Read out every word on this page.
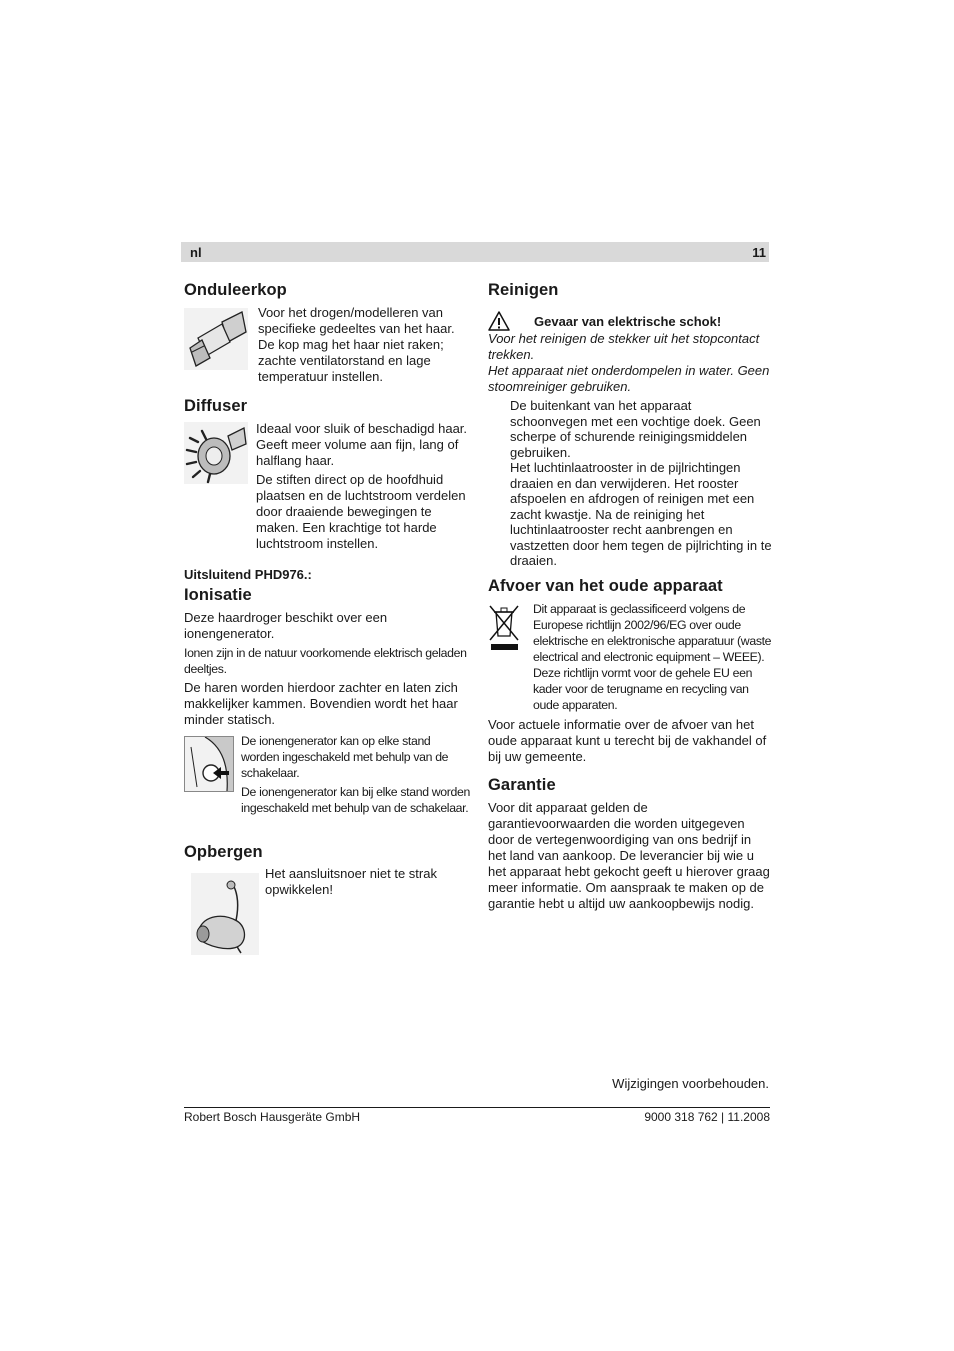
nl	11
Onduleerkop
Voor het drogen/modelleren van specifieke gedeeltes van het haar. De kop mag het haar niet raken; zachte ventilatorstand en lage temperatuur instellen.
Diffuser

Ideaal voor sluik of beschadigd haar. Geeft meer volume aan fijn, lang of halflang haar.

De stiften direct op de hoofdhuid plaatsen en de luchtstroom verdelen door draaiende bewegingen te maken. Een krachtige tot harde luchtstroom instellen.

Uitsluitend PHD976.:
Ionisatie

Deze haardroger beschikt over een ionengenerator.

Ionen zijn in de natuur voorkomende elektrisch geladen deeltjes.

De haren worden hierdoor zachter en laten zich makkelijker kammen. Bovendien wordt het haar minder statisch.

De ionengenerator kan op elke stand worden ingeschakeld met behulp van de schakelaar.

De ionengenerator kan bij elke stand worden ingeschakeld met behulp van de schakelaar.

Opbergen
Het aansluitsnoer niet te strak opwikkelen!
Reinigen
Gevaar van elektrische schok!

Voor het reinigen de stekker uit het stopcontact trekken.

Het apparaat niet onderdompelen in water. Geen stoomreiniger gebruiken.

De buitenkant van het apparaat schoonvegen met een vochtige doek. Geen scherpe of schurende reinigingsmiddelen gebruiken.

Het luchtinlaatrooster in de pijlrichtingen draaien en dan verwijderen. Het rooster afspoelen en afdrogen of reinigen met een zacht kwastje. Na de reiniging het luchtinlaatrooster recht aanbrengen en vastzetten door hem tegen de pijlrichting in te draaien.

Afvoer van het oude apparaat
Dit apparaat is geclassificeerd volgens de Europese richtlijn 2002/96/EG over oude elektrische en elektronische apparatuur (waste electrical and electronic equipment – WEEE). Deze richtlijn vormt voor de gehele EU een kader voor de terugname en recycling van oude apparaten.
Voor actuele informatie over de afvoer van het oude apparaat kunt u terecht bij de vakhandel of bij uw gemeente.
Garantie
Voor dit apparaat gelden de garantievoorwaarden die worden uitgegeven door de vertegenwoordiging van ons bedrijf in het land van aankoop. De leverancier bij wie u het apparaat hebt gekocht geeft u hierover graag meer informatie. Om aanspraak te maken op de garantie hebt u altijd uw aankoopbewijs nodig.
Wijzigingen voorbehouden.
Robert Bosch Hausgeräte GmbH	9000 318 762 | 11.2008
